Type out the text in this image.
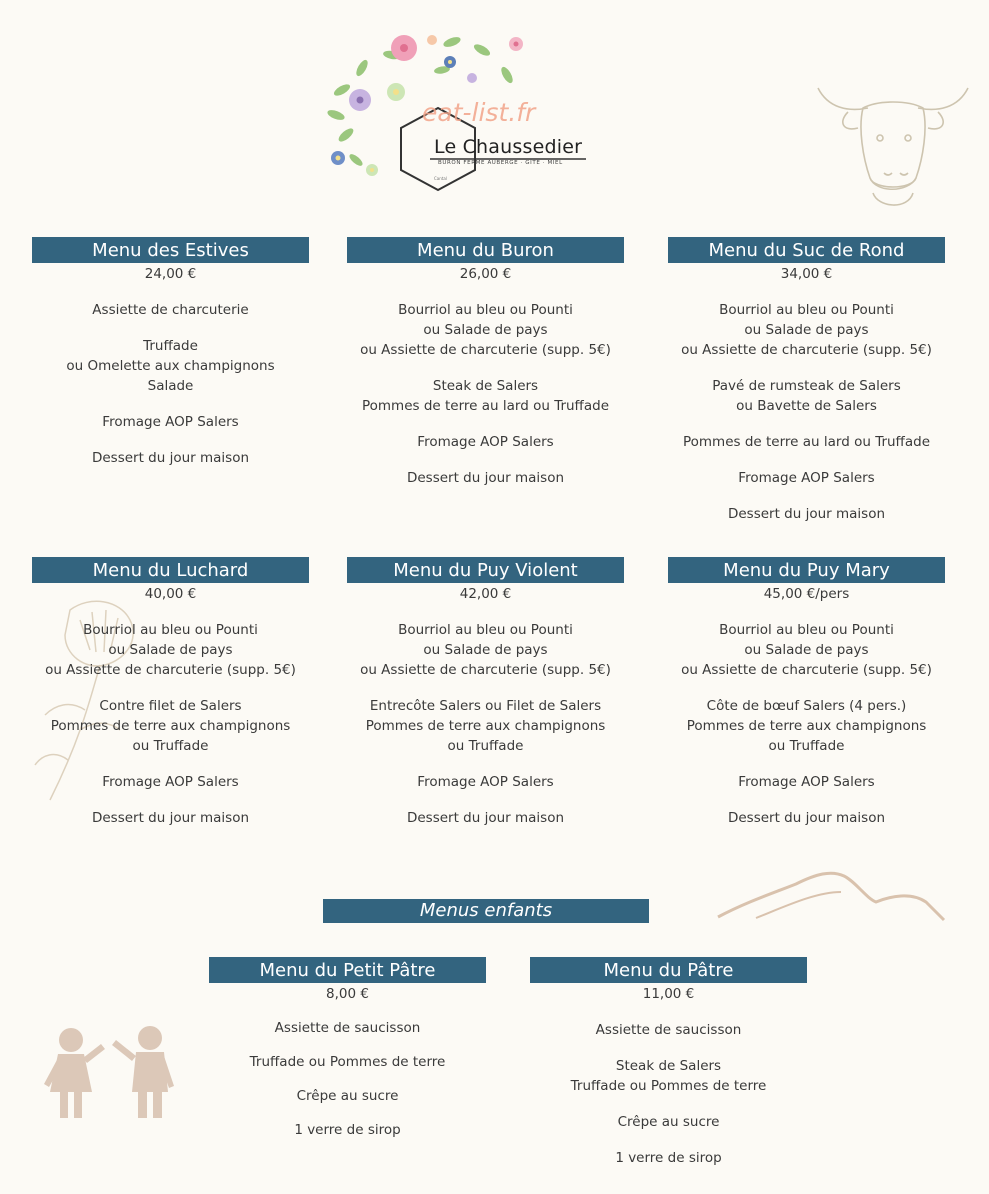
Le Chaussedier
BURON FERME AUBERGE · GÎTE · MIEL
Cantal
eat-list.fr
Menu des Estives
24,00 €
Assiette de charcuterie
Truffade
ou Omelette aux champignons
Salade
Fromage AOP Salers
Dessert du jour maison
Menu du Buron
26,00 €
Bourriol au bleu ou Pounti
ou Salade de pays
ou Assiette de charcuterie (supp. 5€)
Steak de Salers
Pommes de terre au lard ou Truffade
Fromage AOP Salers
Dessert du jour maison
Menu du Suc de Rond
34,00 €
Bourriol au bleu ou Pounti
ou Salade de pays
ou Assiette de charcuterie (supp. 5€)
Pavé de rumsteak de Salers
ou Bavette de Salers
Pommes de terre au lard ou Truffade
Fromage AOP Salers
Dessert du jour maison
Menu du Luchard
40,00 €
Bourriol au bleu ou Pounti
ou Salade de pays
ou Assiette de charcuterie (supp. 5€)
Contre filet de Salers
Pommes de terre aux champignons
ou Truffade
Fromage AOP Salers
Dessert du jour maison
Menu du Puy Violent
42,00 €
Bourriol au bleu ou Pounti
ou Salade de pays
ou Assiette de charcuterie (supp. 5€)
Entrecôte Salers ou Filet de Salers
Pommes de terre aux champignons
ou Truffade
Fromage AOP Salers
Dessert du jour maison
Menu du Puy Mary
45,00 €/pers
Bourriol au bleu ou Pounti
ou Salade de pays
ou Assiette de charcuterie (supp. 5€)
Côte de bœuf Salers (4 pers.)
Pommes de terre aux champignons
ou Truffade
Fromage AOP Salers
Dessert du jour maison
Menus enfants
Menu du Petit Pâtre
8,00 €
Assiette de saucisson
Truffade ou Pommes de terre
Crêpe au sucre
1 verre de sirop
Menu du Pâtre
11,00 €
Assiette de saucisson
Steak de Salers
Truffade ou Pommes de terre
Crêpe au sucre
1 verre de sirop
